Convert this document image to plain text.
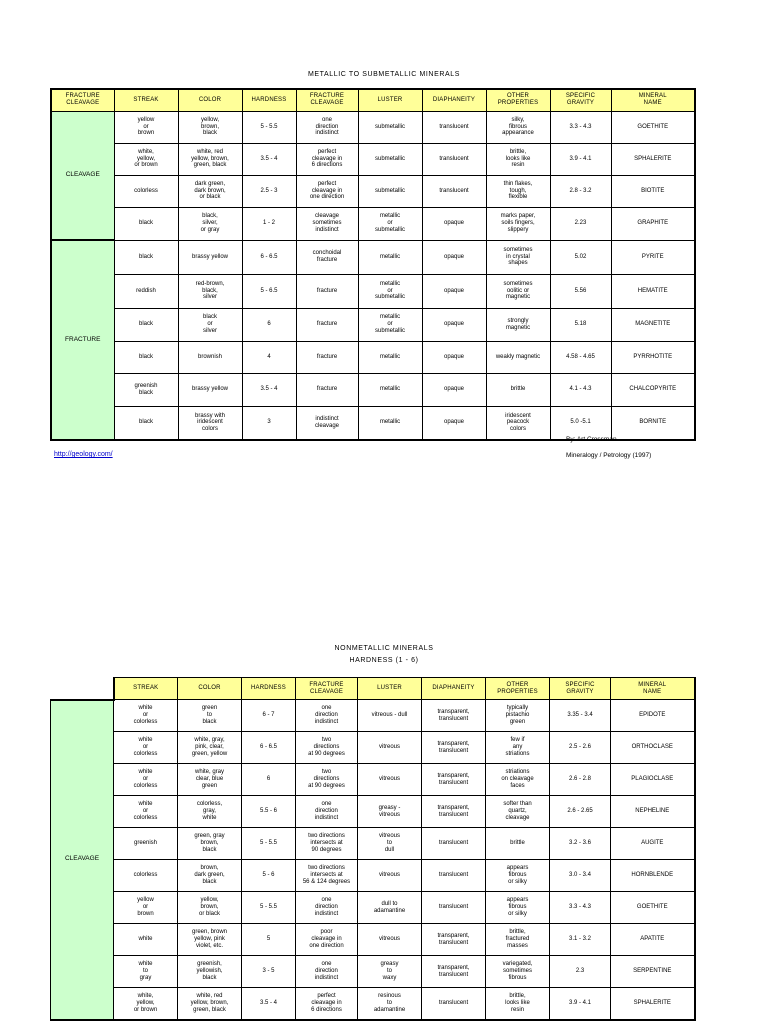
METALLIC TO SUBMETALLIC MINERALS
FRACTURE
CLEAVAGE	STREAK	COLOR	HARDNESS	FRACTURE
CLEAVAGE	LUSTER	DIAPHANEITY	OTHER
PROPERTIES	SPECIFIC
GRAVITY	MINERAL
NAME
CLEAVAGE	yellow
or
brown	yellow,
brown,
black	5 - 5.5	one
direction
indistinct	submetallic	translucent	silky,
fibrous
appearance	3.3 - 4.3	GOETHITE
	white,
yellow,
or brown	white, red
yellow, brown,
green, black	3.5 - 4	perfect
cleavage in
6 directions	submetallic	translucent	brittle,
looks like
resin	3.9 - 4.1	SPHALERITE
	colorless	dark green,
dark brown,
or black	2.5 - 3	perfect
cleavage in
one direction	submetallic	translucent	thin flakes,
tough,
flexible	2.8 - 3.2	BIOTITE
	black	black,
silver,
or gray	1 - 2	cleavage
sometimes
indistinct	metallic
or
submetallic	opaque	marks paper,
soils fingers,
slippery	2.23	GRAPHITE
FRACTURE	black	brassy yellow	6 - 6.5	conchoidal
fracture	metallic	opaque	sometimes
in crystal
shapes	5.02	PYRITE
	reddish	red-brown,
black,
silver	5 - 6.5	fracture	metallic
or
submetallic	opaque	sometimes
oolitic or
magnetic	5.56	HEMATITE
	black	black
or
silver	6	fracture	metallic
or
submetallic	opaque	strongly
magnetic	5.18	MAGNETITE
	black	brownish	4	fracture	metallic	opaque	weakly magnetic	4.58 - 4.65	PYRRHOTITE
	greenish
black	brassy yellow	3.5 - 4	fracture	metallic	opaque	brittle	4.1 - 4.3	CHALCOPYRITE
	black	brassy with
iridescent
colors	3	indistinct
cleavage	metallic	opaque	iridescent
peacock
colors	5.0 -5.1	BORNITE
By: Art Crossman
Mineralogy / Petrology (1997)
http://geology.com/
NONMETALLIC MINERALS
HARDNESS (1 - 6)
	STREAK	COLOR	HARDNESS	FRACTURE
CLEAVAGE	LUSTER	DIAPHANEITY	OTHER
PROPERTIES	SPECIFIC
GRAVITY	MINERAL
NAME
CLEAVAGE	white
or
colorless	green
to
black	6 - 7	one
direction
indistinct	vitreous - dull	transparent,
translucent	typically
pistachio
green	3.35 - 3.4	EPIDOTE
	white
or
colorless	white, gray,
pink, clear,
green, yellow	6 - 6.5	two
directions
at 90 degrees	vitreous	transparent,
translucent	few if
any
striations	2.5 - 2.6	ORTHOCLASE
	white
or
colorless	white, gray
clear, blue
green	6	two
directions
at 90 degrees	vitreous	transparent,
translucent	striations
on cleavage
faces	2.6 - 2.8	PLAGIOCLASE
	white
or
colorless	colorless,
gray,
white	5.5 - 6	one
direction
indistinct	greasy -
vitreous	transparent,
translucent	softer than
quartz,
cleavage	2.6 - 2.65	NEPHELINE
	greenish	green, gray
brown,
black	5 - 5.5	two directions
intersects at
90 degrees	vitreous
to
dull	translucent	brittle	3.2 - 3.6	AUGITE
	colorless	brown,
dark green,
black	5 - 6	two directions
intersects at
56 & 124 degrees	vitreous	translucent	appears
fibrous
or silky	3.0 - 3.4	HORNBLENDE
	yellow
or
brown	yellow,
brown,
or black	5 - 5.5	one
direction
indistinct	dull to
adamantine	translucent	appears
fibrous
or silky	3.3 - 4.3	GOETHITE
	white	green, brown
yellow, pink
violet, etc.	5	poor
cleavage in
one direction	vitreous	transparent,
translucent	brittle,
fractured
masses	3.1 - 3.2	APATITE
	white
to
gray	greenish,
yellowish,
black	3 - 5	one
direction
indistinct	greasy
to
waxy	transparent,
translucent	variegated,
sometimes
fibrous	2.3	SERPENTINE
	white,
yellow,
or brown	white, red
yellow, brown,
green, black	3.5 - 4	perfect
cleavage in
6 directions	resinous
to
adamantine	translucent	brittle,
looks like
resin	3.9 - 4.1	SPHALERITE
